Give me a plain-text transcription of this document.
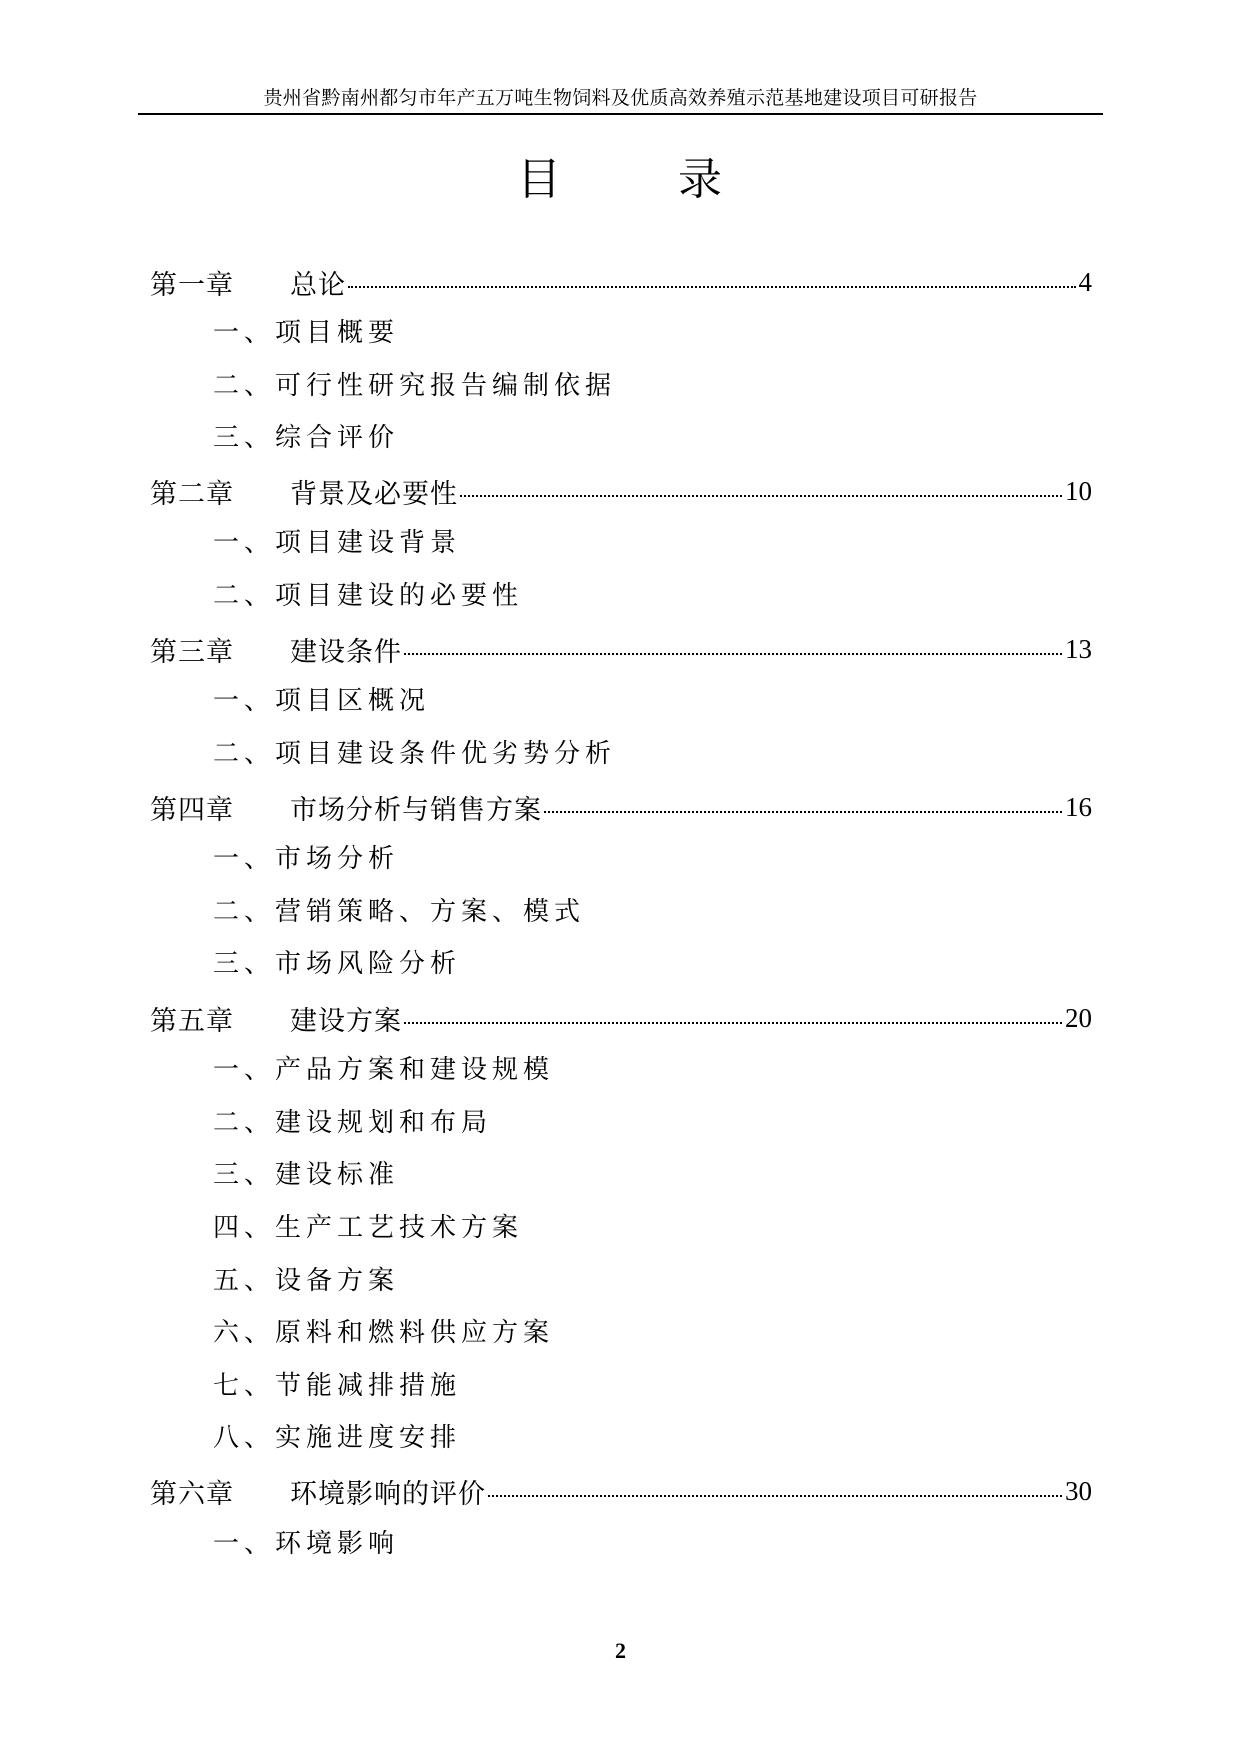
贵州省黔南州都匀市年产五万吨生物饲料及优质高效养殖示范基地建设项目可研报告
目	录
第一章	总论	4
一、项目概要
二、可行性研究报告编制依据
三、综合评价
第二章	背景及必要性	10
一、项目建设背景
二、项目建设的必要性
第三章	建设条件	13
一、项目区概况
二、项目建设条件优劣势分析
第四章	市场分析与销售方案	16
一、市场分析
二、营销策略、方案、模式
三、市场风险分析
第五章	建设方案	20
一、产品方案和建设规模
二、建设规划和布局
三、建设标准
四、生产工艺技术方案
五、设备方案
六、原料和燃料供应方案
七、节能减排措施
八、实施进度安排
第六章	环境影响的评价	30
一、环境影响
2
